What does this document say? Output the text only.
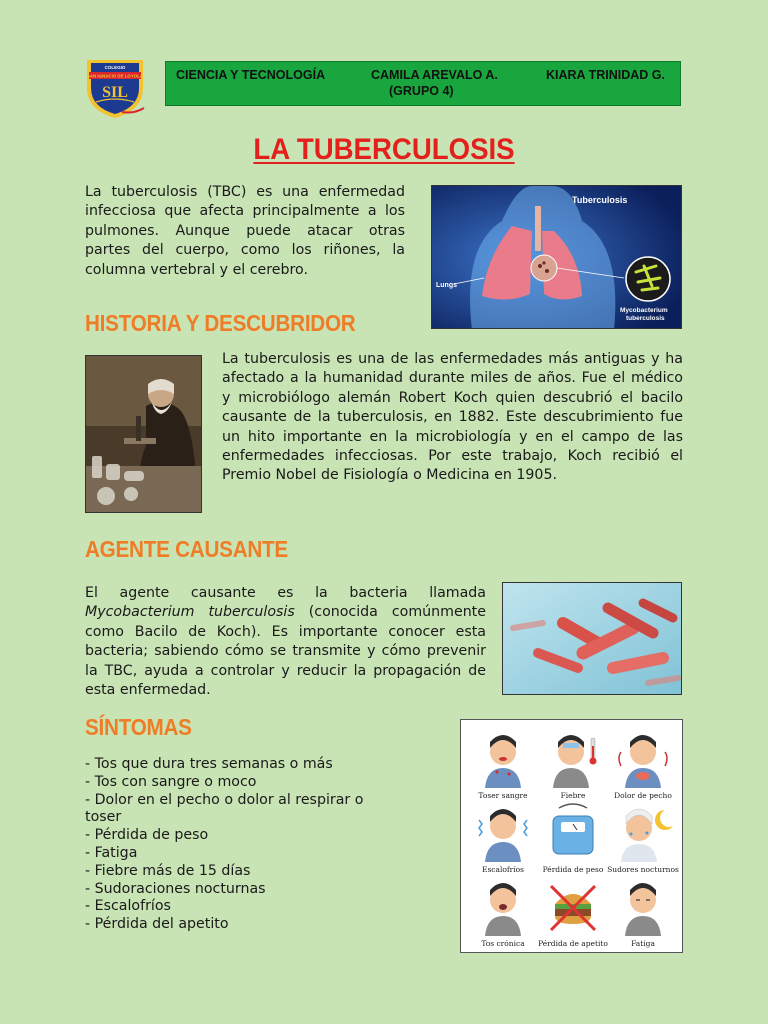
COLEGIO
SAN IGNACIO DE LOYOLA
SIL
CIENCIA Y TECNOLOGÍA	CAMILA AREVALO A.
(GRUPO 4)
KIARA TRINIDAD G.
LA TUBERCULOSIS

La tuberculosis (TBC) es una enfermedad infecciosa que afecta principalmente a los pulmones. Aunque puede atacar otras partes del cuerpo, como los riñones, la columna vertebral y el cerebro.

Tuberculosis
Lungs
Mycobacterium
tuberculosis
HISTORIA Y DESCUBRIDOR

La tuberculosis es una de las enfermedades más antiguas y ha afectado a la humanidad durante miles de años. Fue el médico y microbiólogo alemán Robert Koch quien descubrió el bacilo causante de la tuberculosis, en 1882. Este descubrimiento fue un hito importante en la microbiología y en el campo de las enfermedades infecciosas. Por este trabajo, Koch recibió el Premio Nobel de Fisiología o Medicina en 1905.

AGENTE CAUSANTE

El agente causante es la bacteria llamada Mycobacterium tuberculosis (conocida comúnmente como Bacilo de Koch). Es importante conocer esta bacteria; sabiendo cómo se transmite y cómo prevenir la TBC, ayuda a controlar y reducir la propagación de esta enfermedad.

SÍNTOMAS
- Tos que dura tres semanas o más
- Tos con sangre o moco
- Dolor en el pecho o dolor al respirar o toser
- Pérdida de peso
- Fatiga
- Fiebre más de 15 días
- Sudoraciones nocturnas
- Escalofríos
- Pérdida del apetito
Toser sangre	Fiebre	Dolor de pecho
Escalofríos	Pérdida de peso Sudores nocturnos
Tos crónica	Pérdida de apetito	Fatiga
